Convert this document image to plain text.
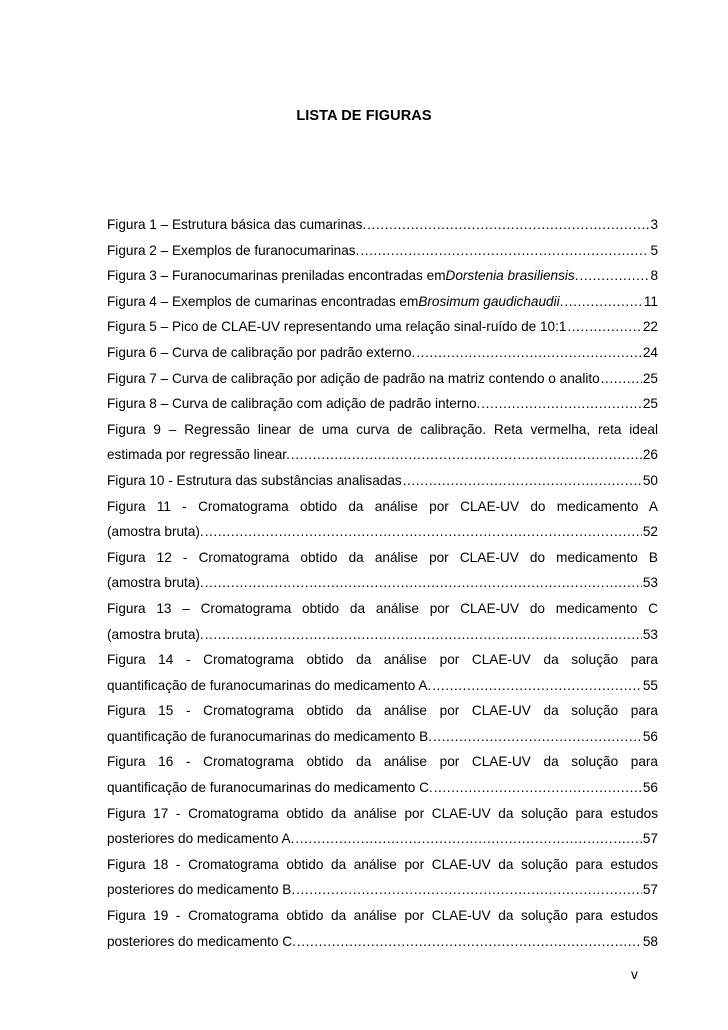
LISTA DE FIGURAS
Figura 1 – Estrutura básica das cumarinas. . . .	3
Figura 2 – Exemplos de furanocumarinas. . . .	5
Figura 3 – Furanocumarinas preniladas encontradas em Dorstenia brasiliensis . . . .	8
Figura 4 – Exemplos de cumarinas encontradas em Brosimum gaudichaudii . . . .	11
Figura 5 – Pico de CLAE-UV representando uma relação sinal-ruído de 10:1 . . .	22
Figura 6 – Curva de calibração por padrão externo. . . .	24
Figura 7 – Curva de calibração por adição de padrão na matriz contendo o analito . . .	25
Figura 8 – Curva de calibração com adição de padrão interno. . . .	25
Figura 9 – Regressão linear de uma curva de calibração. Reta vermelha, reta ideal
estimada por regressão linear. . . .	26
Figura 10 - Estrutura das substâncias analisadas . . .	50
Figura 11 - Cromatograma obtido da análise por CLAE-UV do medicamento A
(amostra bruta). . . .	52
Figura 12 - Cromatograma obtido da análise por CLAE-UV do medicamento B
(amostra bruta). . . .	53
Figura 13 – Cromatograma obtido da análise por CLAE-UV do medicamento C
(amostra bruta). . . .	53
Figura 14 - Cromatograma obtido da análise por CLAE-UV da solução para
quantificação de furanocumarinas do medicamento A. . . .	55
Figura 15 - Cromatograma obtido da análise por CLAE-UV da solução para
quantificação de furanocumarinas do medicamento B. . . .	56
Figura 16 - Cromatograma obtido da análise por CLAE-UV da solução para
quantificação de furanocumarinas do medicamento C. . . .	56
Figura 17 - Cromatograma obtido da análise por CLAE-UV da solução para estudos
posteriores do medicamento A. . . .	57
Figura 18 - Cromatograma obtido da análise por CLAE-UV da solução para estudos
posteriores do medicamento B. . . .	57
Figura 19 - Cromatograma obtido da análise por CLAE-UV da solução para estudos
posteriores do medicamento C. . . .	58
v
